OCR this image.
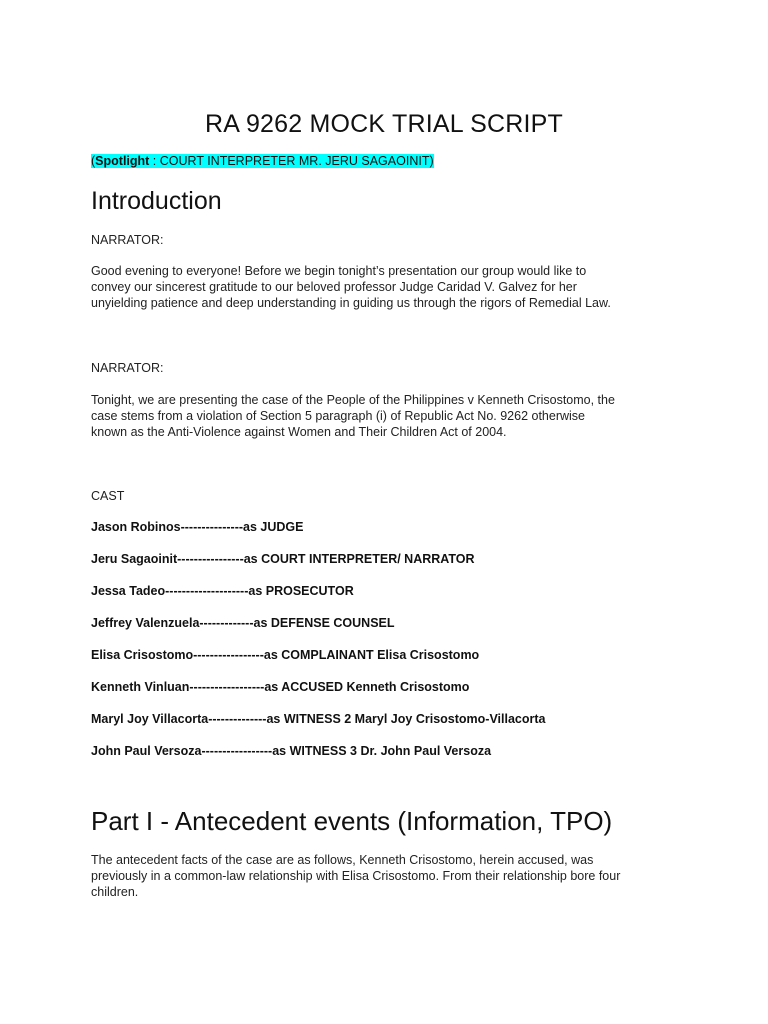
RA 9262 MOCK TRIAL SCRIPT
(Spotlight : COURT INTERPRETER MR. JERU SAGAOINIT)
Introduction

NARRATOR:

Good evening to everyone! Before we begin tonight’s presentation our group would like to
convey our sincerest gratitude to our beloved professor Judge Caridad V. Galvez for her
unyielding patience and deep understanding in guiding us through the rigors of Remedial Law.

NARRATOR:

Tonight, we are presenting the case of the People of the Philippines v Kenneth Crisostomo, the
case stems from a violation of Section 5 paragraph (i) of Republic Act No. 9262 otherwise
known as the Anti-Violence against Women and Their Children Act of 2004.

CAST

Jason Robinos---------------as JUDGE
Jeru Sagaoinit----------------as COURT INTERPRETER/ NARRATOR
Jessa Tadeo--------------------as PROSECUTOR
Jeffrey Valenzuela-------------as DEFENSE COUNSEL
Elisa Crisostomo-----------------as COMPLAINANT Elisa Crisostomo
Kenneth Vinluan------------------as ACCUSED Kenneth Crisostomo
Maryl Joy Villacorta--------------as WITNESS 2 Maryl Joy Crisostomo-Villacorta
John Paul Versoza-----------------as WITNESS 3 Dr. John Paul Versoza
Part I - Antecedent events (Information, TPO)

The antecedent facts of the case are as follows, Kenneth Crisostomo, herein accused, was
previously in a common-law relationship with Elisa Crisostomo. From their relationship bore four
children.
